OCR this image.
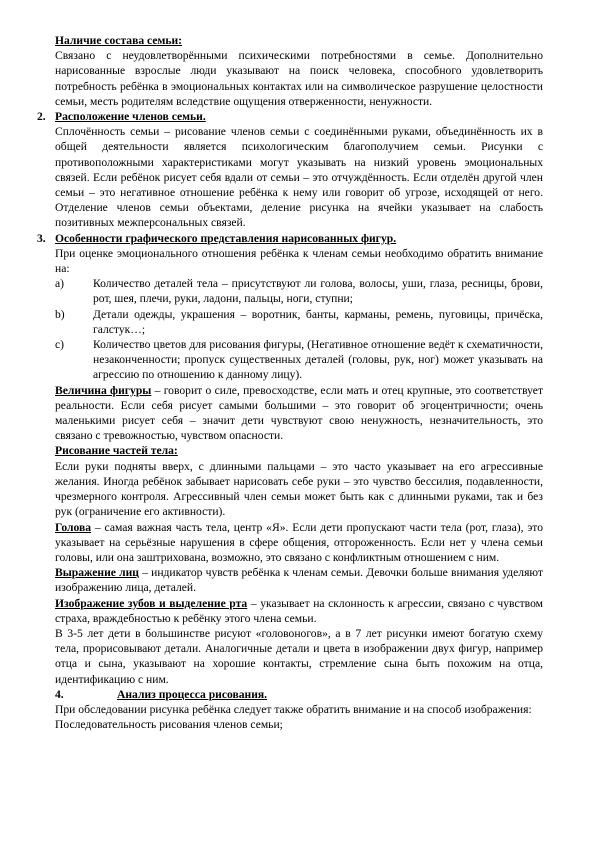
Наличие состава семьи:

Связано с неудовлетворёнными психическими потребностями в семье. Дополнительно нарисованные взрослые люди указывают на поиск человека, способного удовлетворить потребность ребёнка в эмоциональных контактах или на символическое разрушение целостности семьи, месть родителям вследствие ощущения отверженности, ненужности.

2. Расположение членов семьи.

Сплочённость семьи – рисование членов семьи с соединёнными руками, объединённость их в общей деятельности является психологическим благополучием семьи. Рисунки с противоположными характеристиками могут указывать на низкий уровень эмоциональных связей. Если ребёнок рисует себя вдали от семьи – это отчуждённость. Если отделён другой член семьи – это негативное отношение ребёнка к нему или говорит об угрозе, исходящей от него. Отделение членов семьи объектами, деление рисунка на ячейки указывает на слабость позитивных межперсональных связей.

3. Особенности графического представления нарисованных фигур.

При оценке эмоционального отношения ребёнка к членам семьи необходимо обратить внимание на:

а)	Количество деталей тела – присутствуют ли голова, волосы, уши, глаза, ресницы, брови, рот, шея, плечи, руки, ладони, пальцы, ноги, ступни;
b)	Детали одежды, украшения – воротник, банты, карманы, ремень, пуговицы, причёска, галстук…;
c)	Количество цветов для рисования фигуры, (Негативное отношение ведёт к схематичности, незаконченности; пропуск существенных деталей (головы, рук, ног) может указывать на агрессию по отношению к данному лицу).

Величина фигуры – говорит о силе, превосходстве, если мать и отец крупные, это соответствует реальности. Если себя рисует самыми большими – это говорит об эгоцентричности; очень маленькими рисует себя – значит дети чувствуют свою ненужность, незначительность, это связано с тревожностью, чувством опасности.

Рисование частей тела:

Если руки подняты вверх, с длинными пальцами – это часто указывает на его агрессивные желания. Иногда ребёнок забывает нарисовать себе руки – это чувство бессилия, подавленности, чрезмерного контроля. Агрессивный член семьи может быть как с длинными руками, так и без рук (ограничение его активности).

Голова – самая важная часть тела, центр «Я». Если дети пропускают части тела (рот, глаза), это указывает на серьёзные нарушения в сфере общения, отгороженность. Если нет у члена семьи головы, или она заштрихована, возможно, это связано с конфликтным отношением с ним.

Выражение лиц – индикатор чувств ребёнка к членам семьи. Девочки больше внимания уделяют изображению лица, деталей.

Изображение зубов и выделение рта – указывает на склонность к агрессии, связано с чувством страха, враждебностью к ребёнку этого члена семьи.

В 3-5 лет дети в большинстве рисуют «головоногов», а в 7 лет рисунки имеют богатую схему тела, прорисовывают детали. Аналогичные детали и цвета в изображении двух фигур, например отца и сына, указывают на хорошие контакты, стремление сына быть похожим на отца, идентификацию с ним.

4.	Анализ процесса рисования.

При обследовании рисунка ребёнка следует также обратить внимание и на способ изображения:

Последовательность рисования членов семьи;
